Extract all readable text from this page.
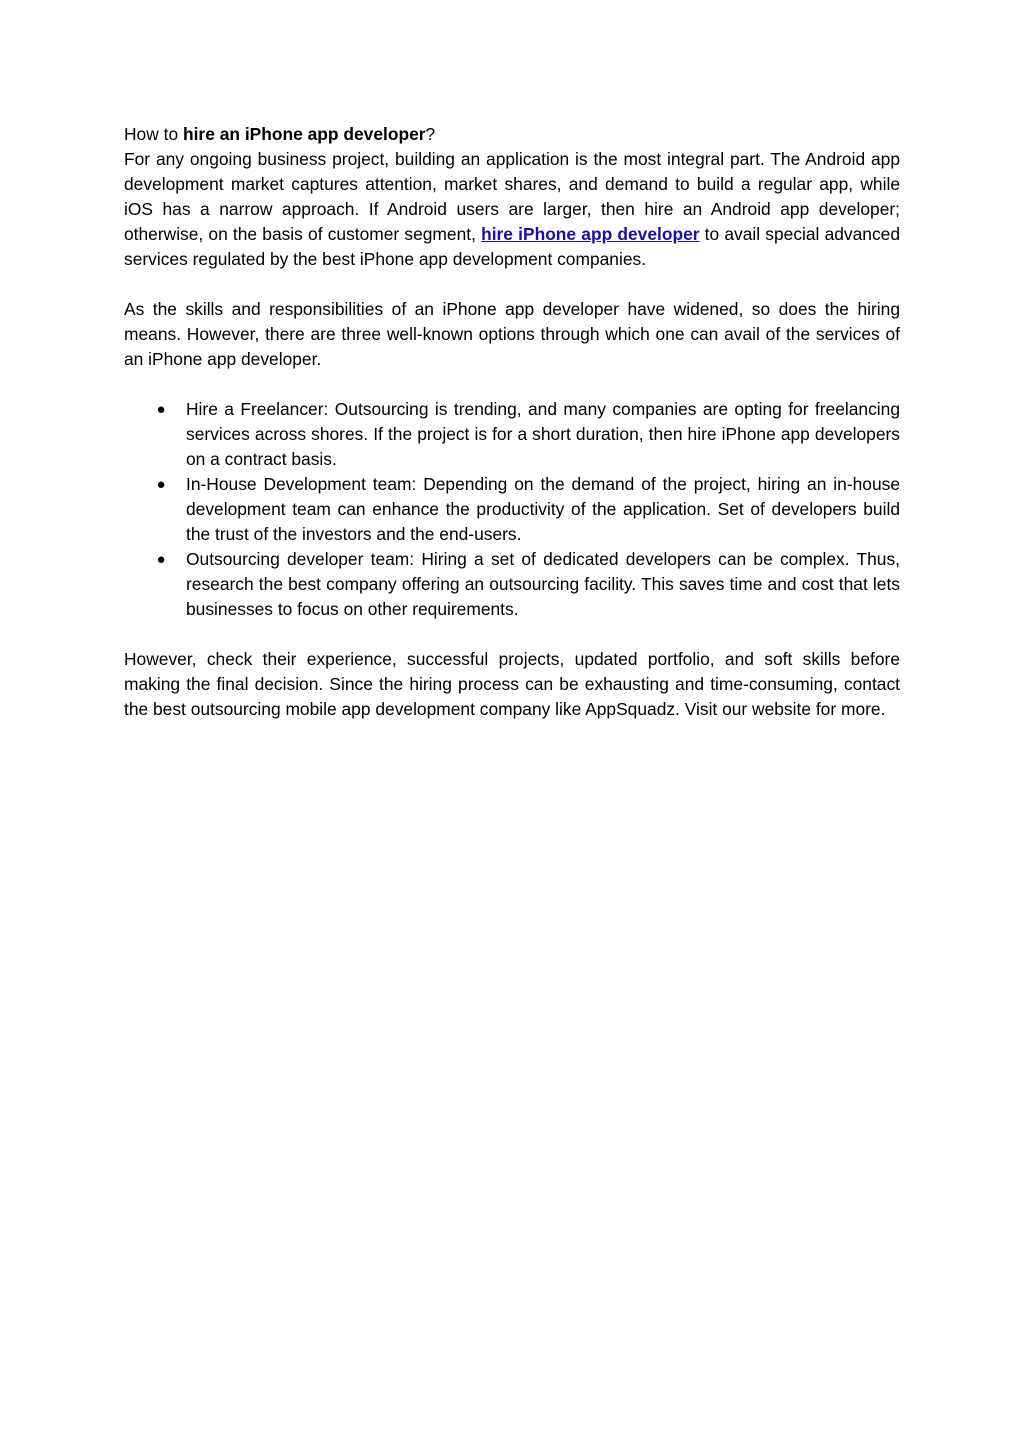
How to hire an iPhone app developer?

For any ongoing business project, building an application is the most integral part. The Android app development market captures attention, market shares, and demand to build a regular app, while iOS has a narrow approach. If Android users are larger, then hire an Android app developer; otherwise, on the basis of customer segment, hire iPhone app developer to avail special advanced services regulated by the best iPhone app development companies.

As the skills and responsibilities of an iPhone app developer have widened, so does the hiring means. However, there are three well-known options through which one can avail of the services of an iPhone app developer.

● Hire a Freelancer: Outsourcing is trending, and many companies are opting for freelancing services across shores. If the project is for a short duration, then hire iPhone app developers on a contract basis.
● In-House Development team: Depending on the demand of the project, hiring an in-house development team can enhance the productivity of the application. Set of developers build the trust of the investors and the end-users.
● Outsourcing developer team: Hiring a set of dedicated developers can be complex. Thus, research the best company offering an outsourcing facility. This saves time and cost that lets businesses to focus on other requirements.

However, check their experience, successful projects, updated portfolio, and soft skills before making the final decision. Since the hiring process can be exhausting and time-consuming, contact the best outsourcing mobile app development company like AppSquadz. Visit our website for more.
